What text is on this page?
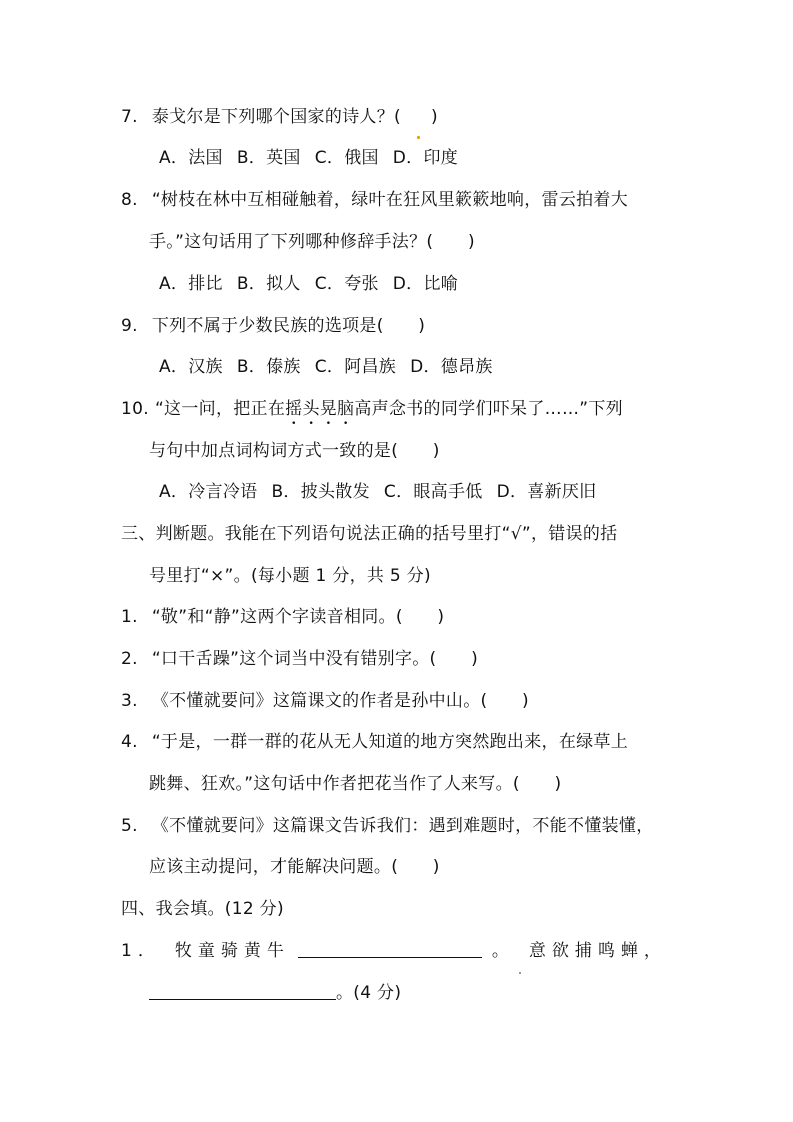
7. 泰戈尔是下列哪个国家的诗人？( )
A．法国 B．英国 C．俄国 D．印度
8. “树枝在林中互相碰触着，绿叶在狂风里簌簌地响，雷云拍着大
手。”这句话用了下列哪种修辞手法？(　　)
A．排比 B．拟人 C．夸张 D．比喻
9. 下列不属于少数民族的选项是(　　)
A．汉族 B．傣族 C．阿昌族 D．德昂族
10. “这一问，把正在摇头晃脑高声念书的同学们吓呆了……”下列
与句中加点词构词方式一致的是(　　)
A．冷言冷语 B．披头散发 C．眼高手低 D．喜新厌旧
三、判断题。我能在下列语句说法正确的括号里打“√”，错误的括
号里打“×”。(每小题 1 分，共 5 分)
1. “敬”和“静”这两个字读音相同。(　　)
2. “口干舌躁”这个词当中没有错别字。(　　)
3. 《不懂就要问》这篇课文的作者是孙中山。(　　)
4. “于是，一群一群的花从无人知道的地方突然跑出来，在绿草上
跳舞、狂欢。”这句话中作者把花当作了人来写。(　　)
5. 《不懂就要问》这篇课文告诉我们：遇到难题时，不能不懂装懂，
应该主动提问，才能解决问题。(　　)
四、我会填。(12 分)
1． 牧童骑黄牛	。 意欲捕鸣蝉，
。(4 分)
